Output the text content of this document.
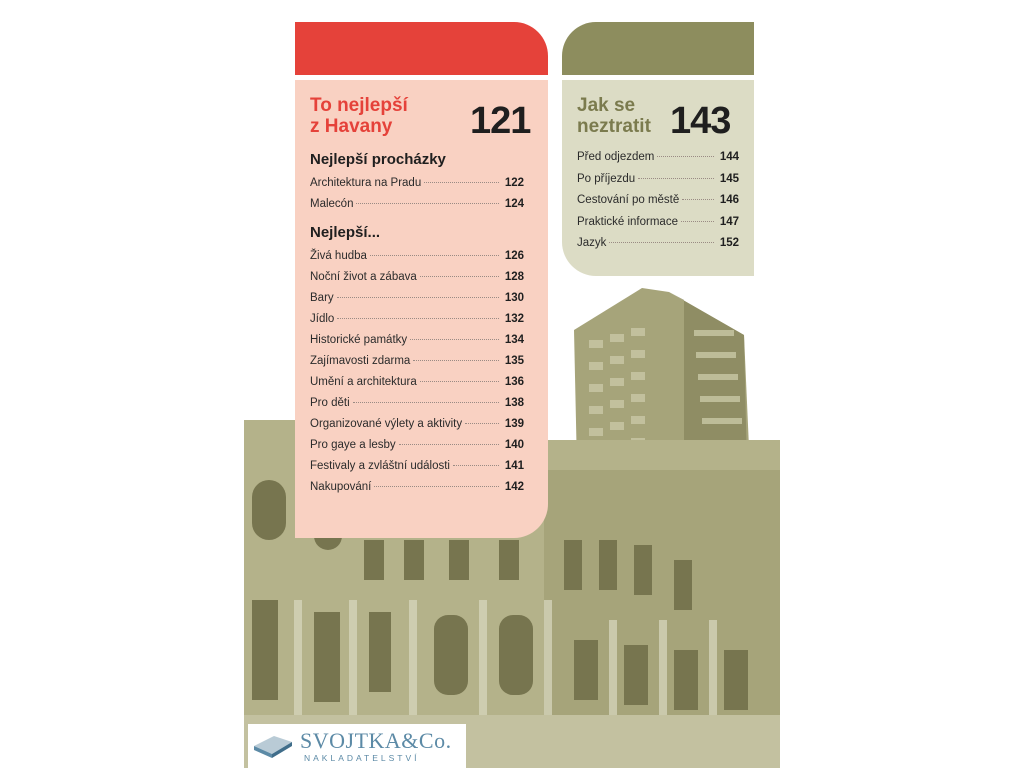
To nejlepší
z Havany	121
Nejlepší procházky
Architektura na Pradu	122
Malecón	124
Nejlepší...
Živá hudba	126
Noční život a zábava	128
Bary	130
Jídlo	132
Historické památky	134
Zajímavosti zdarma	135
Umění a architektura	136
Pro děti	138
Organizované výlety a aktivity	139
Pro gaye a lesby	140
Festivaly a zvláštní události	141
Nakupování	142
Jak se
neztratit 143
Před odjezdem	144
Po příjezdu	145
Cestování po městě	146
Praktické informace	147
Jazyk	152
SVOJTKA&Co.
NAKLADATELSTVÍ
